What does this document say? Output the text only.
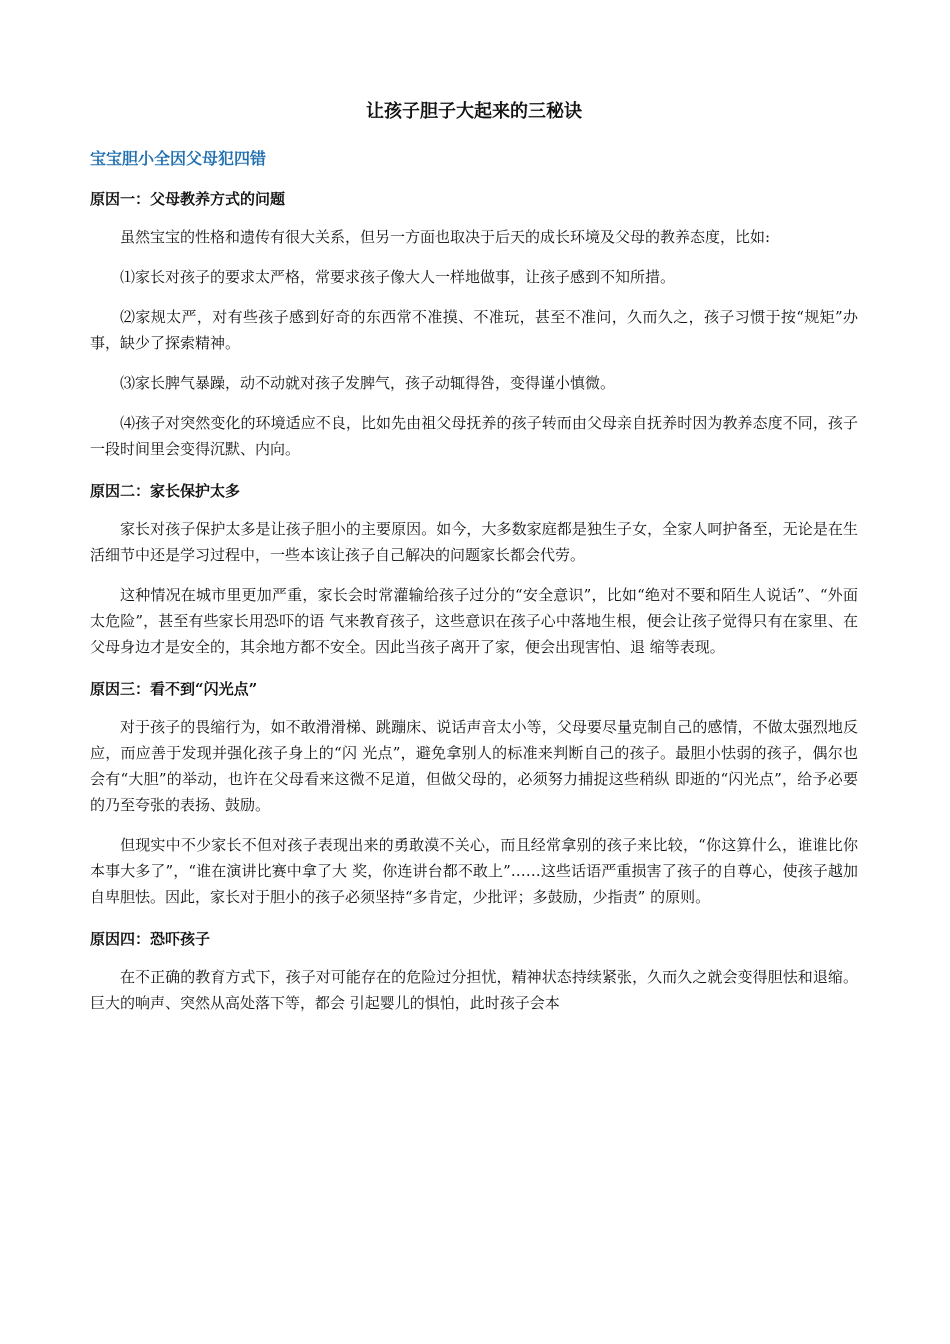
让孩子胆子大起来的三秘诀
宝宝胆小全因父母犯四错
原因一：父母教养方式的问题

虽然宝宝的性格和遗传有很大关系，但另一方面也取决于后天的成长环境及父母的教养态度，比如:

⑴家长对孩子的要求太严格，常要求孩子像大人一样地做事，让孩子感到不知所措。

⑵家规太严，对有些孩子感到好奇的东西常不准摸、不准玩，甚至不准问，久而久之，孩子习惯于按“规矩”办事，缺少了探索精神。

⑶家长脾气暴躁，动不动就对孩子发脾气，孩子动辄得咎，变得谨小慎微。

⑷孩子对突然变化的环境适应不良，比如先由祖父母抚养的孩子转而由父母亲自抚养时因为教养态度不同，孩子一段时间里会变得沉默、内向。

原因二：家长保护太多

家长对孩子保护太多是让孩子胆小的主要原因。如今，大多数家庭都是独生子女，全家人呵护备至，无论是在生活细节中还是学习过程中，一些本该让孩子自己解决的问题家长都会代劳。

这种情况在城市里更加严重，家长会时常灌输给孩子过分的“安全意识”，比如“绝对不要和陌生人说话”、“外面太危险”，甚至有些家长用恐吓的语 气来教育孩子，这些意识在孩子心中落地生根，便会让孩子觉得只有在家里、在父母身边才是安全的，其余地方都不安全。因此当孩子离开了家，便会出现害怕、退 缩等表现。

原因三：看不到“闪光点”

对于孩子的畏缩行为，如不敢滑滑梯、跳蹦床、说话声音太小等，父母要尽量克制自己的感情，不做太强烈地反应，而应善于发现并强化孩子身上的“闪 光点”，避免拿别人的标准来判断自己的孩子。最胆小怯弱的孩子，偶尔也会有“大胆”的举动，也许在父母看来这微不足道，但做父母的，必须努力捕捉这些稍纵 即逝的“闪光点”，给予必要的乃至夸张的表扬、鼓励。

但现实中不少家长不但对孩子表现出来的勇敢漠不关心，而且经常拿别的孩子来比较，“你这算什么，谁谁比你本事大多了”，“谁在演讲比赛中拿了大 奖，你连讲台都不敢上”……这些话语严重损害了孩子的自尊心，使孩子越加自卑胆怯。因此，家长对于胆小的孩子必须坚持“多肯定，少批评；多鼓励，少指责” 的原则。

原因四：恐吓孩子

在不正确的教育方式下，孩子对可能存在的危险过分担忧，精神状态持续紧张，久而久之就会变得胆怯和退缩。巨大的响声、突然从高处落下等，都会 引起婴儿的惧怕，此时孩子会本
